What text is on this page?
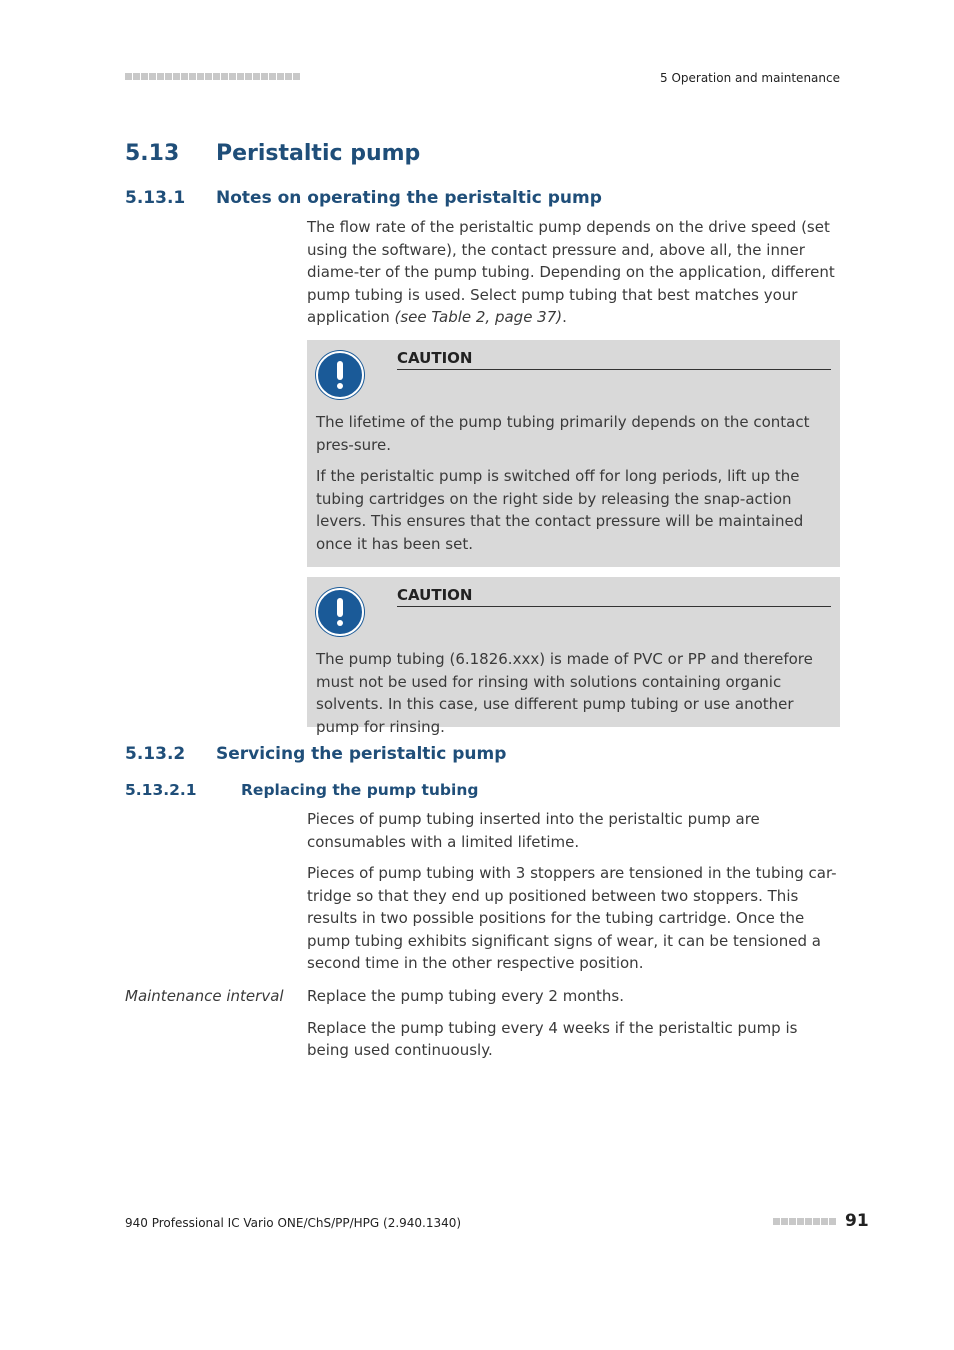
5 Operation and maintenance
5.13 Peristaltic pump
5.13.1 Notes on operating the peristaltic pump

The flow rate of the peristaltic pump depends on the drive speed (set using the software), the contact pressure and, above all, the inner diame-ter of the pump tubing. Depending on the application, different pump tubing is used. Select pump tubing that best matches your application (see Table 2, page 37).

CAUTION

The lifetime of the pump tubing primarily depends on the contact pres-sure.

If the peristaltic pump is switched off for long periods, lift up the tubing cartridges on the right side by releasing the snap-action levers. This ensures that the contact pressure will be maintained once it has been set.

CAUTION

The pump tubing (6.1826.xxx) is made of PVC or PP and therefore must not be used for rinsing with solutions containing organic solvents. In this case, use different pump tubing or use another pump for rinsing.

5.13.2 Servicing the peristaltic pump
5.13.2.1	Replacing the pump tubing

Pieces of pump tubing inserted into the peristaltic pump are consumables with a limited lifetime.

Pieces of pump tubing with 3 stoppers are tensioned in the tubing car-tridge so that they end up positioned between two stoppers. This results in two possible positions for the tubing cartridge. Once the pump tubing exhibits significant signs of wear, it can be tensioned a second time in the other respective position.

Maintenance interval Replace the pump tubing every 2 months.

Replace the pump tubing every 4 weeks if the peristaltic pump is being used continuously.

940 Professional IC Vario ONE/ChS/PP/HPG (2.940.1340)	91
